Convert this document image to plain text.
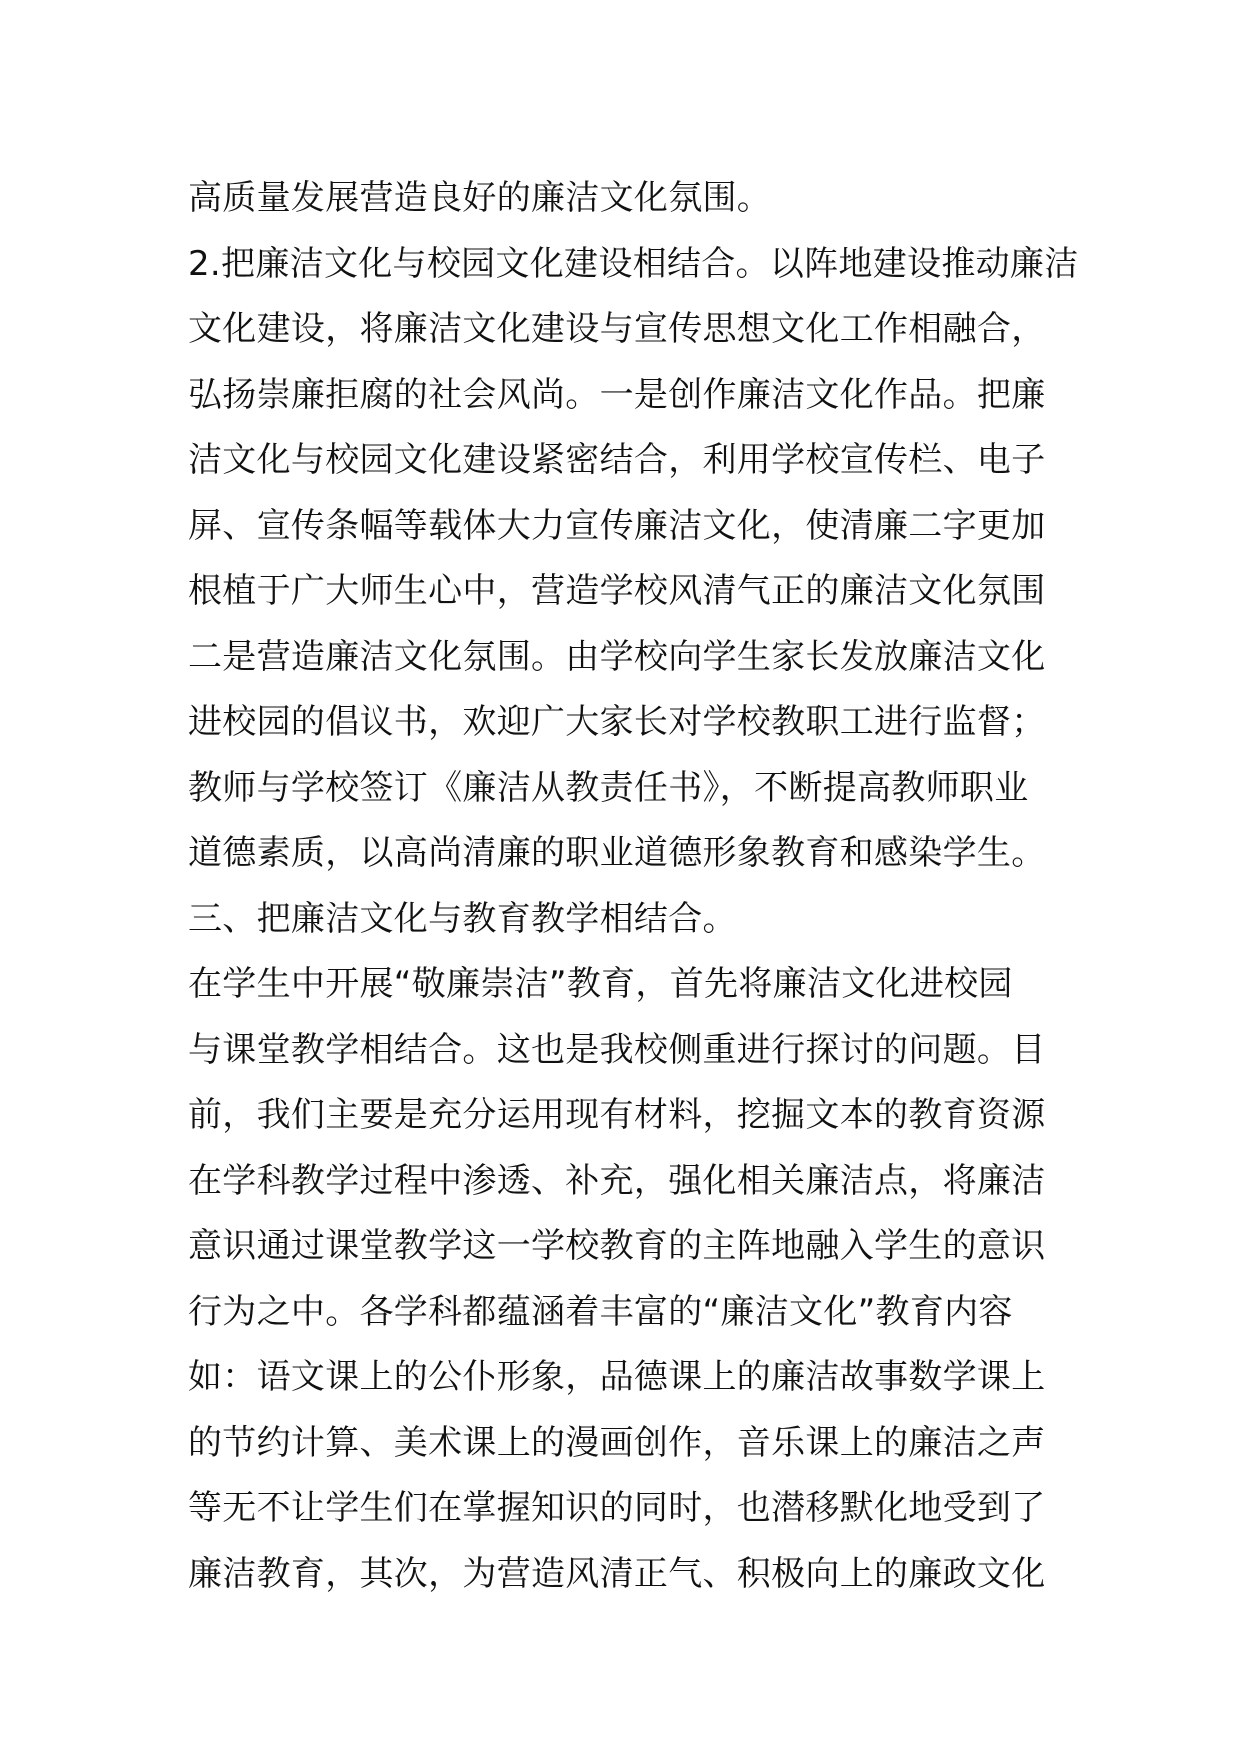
高质量发展营造良好的廉洁文化氛围。
2.把廉洁文化与校园文化建设相结合。以阵地建设推动廉洁
文化建设，将廉洁文化建设与宣传思想文化工作相融合，
弘扬崇廉拒腐的社会风尚。一是创作廉洁文化作品。把廉
洁文化与校园文化建设紧密结合，利用学校宣传栏、电子
屏、宣传条幅等载体大力宣传廉洁文化，使清廉二字更加
根植于广大师生心中，营造学校风清气正的廉洁文化氛围
二是营造廉洁文化氛围。由学校向学生家长发放廉洁文化
进校园的倡议书，欢迎广大家长对学校教职工进行监督；
教师与学校签订《廉洁从教责任书》，不断提高教师职业
道德素质，以高尚清廉的职业道德形象教育和感染学生。
三、把廉洁文化与教育教学相结合。
在学生中开展“敬廉崇洁”教育，首先将廉洁文化进校园
与课堂教学相结合。这也是我校侧重进行探讨的问题。目
前，我们主要是充分运用现有材料，挖掘文本的教育资源
在学科教学过程中渗透、补充，强化相关廉洁点，将廉洁
意识通过课堂教学这一学校教育的主阵地融入学生的意识
行为之中。各学科都蕴涵着丰富的“廉洁文化”教育内容
如：语文课上的公仆形象，品德课上的廉洁故事数学课上
的节约计算、美术课上的漫画创作，音乐课上的廉洁之声
等无不让学生们在掌握知识的同时，也潜移默化地受到了
廉洁教育，其次，为营造风清正气、积极向上的廉政文化
